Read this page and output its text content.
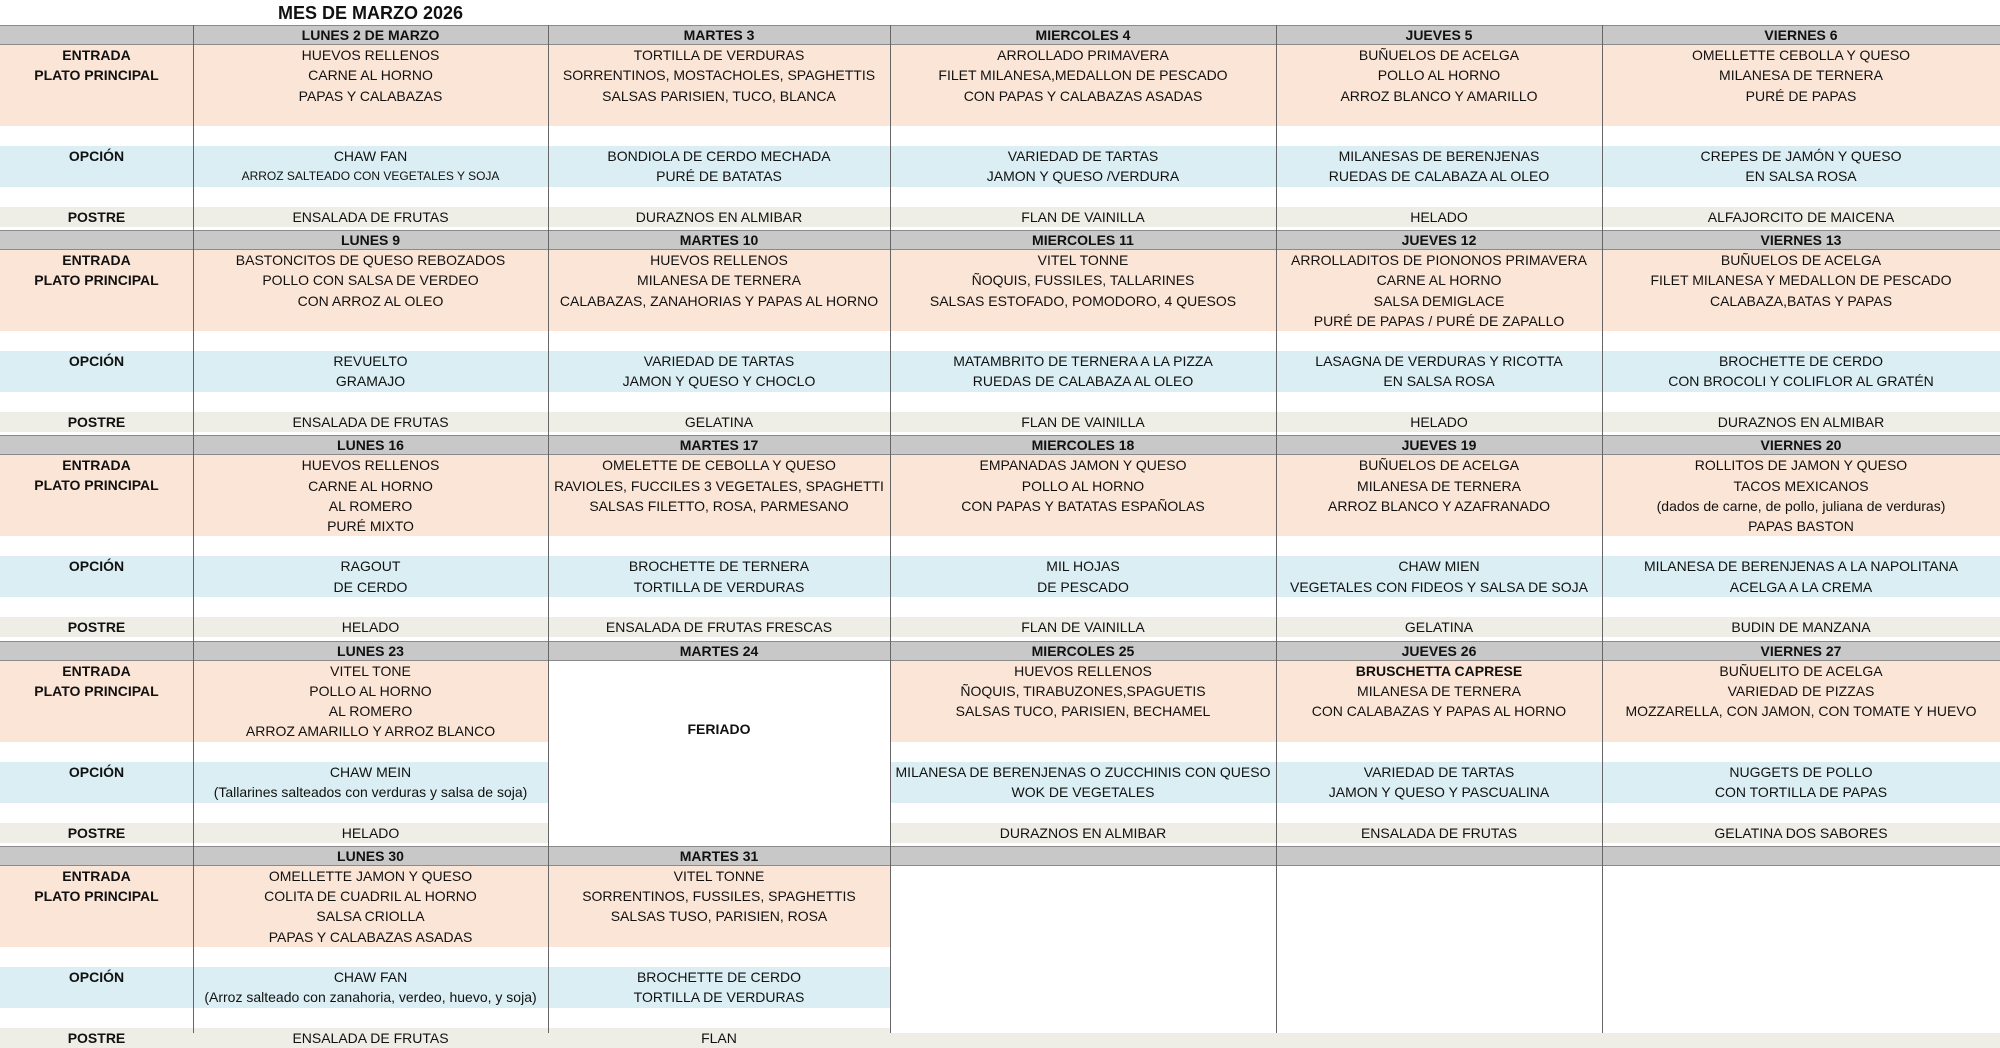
MES DE MARZO 2026
ENTRADA
PLATO PRINCIPAL
OPCIÓN
POSTRE
LUNES 2 DE MARZO
HUEVOS RELLENOS
CARNE AL HORNO
PAPAS Y CALABAZAS
CHAW FAN
ARROZ SALTEADO CON VEGETALES Y SOJA
ENSALADA DE FRUTAS
MARTES 3
TORTILLA DE VERDURAS
SORRENTINOS, MOSTACHOLES, SPAGHETTIS
SALSAS PARISIEN, TUCO, BLANCA
BONDIOLA DE CERDO MECHADA
PURÉ DE BATATAS
DURAZNOS EN ALMIBAR
MIERCOLES 4
ARROLLADO PRIMAVERA
FILET MILANESA,MEDALLON DE PESCADO
CON PAPAS Y CALABAZAS ASADAS
VARIEDAD DE TARTAS
JAMON Y QUESO /VERDURA
FLAN DE VAINILLA
JUEVES 5
BUÑUELOS DE ACELGA
POLLO AL HORNO
ARROZ BLANCO Y AMARILLO
MILANESAS DE BERENJENAS
RUEDAS DE CALABAZA AL OLEO
HELADO
VIERNES 6
OMELLETTE CEBOLLA Y QUESO
MILANESA DE TERNERA
PURÉ DE PAPAS
CREPES DE JAMÓN Y QUESO
EN SALSA ROSA
ALFAJORCITO DE MAICENA
ENTRADA
PLATO PRINCIPAL
OPCIÓN
POSTRE
LUNES 9
BASTONCITOS DE QUESO REBOZADOS
POLLO CON SALSA DE VERDEO
CON ARROZ AL OLEO
REVUELTO
GRAMAJO
ENSALADA DE FRUTAS
MARTES 10
HUEVOS RELLENOS
MILANESA DE TERNERA
CALABAZAS, ZANAHORIAS Y PAPAS AL HORNO
VARIEDAD DE TARTAS
JAMON Y QUESO Y CHOCLO
GELATINA
MIERCOLES 11
VITEL TONNE
ÑOQUIS, FUSSILES, TALLARINES
SALSAS ESTOFADO, POMODORO, 4 QUESOS
MATAMBRITO DE TERNERA A LA PIZZA
RUEDAS DE CALABAZA AL OLEO
FLAN DE VAINILLA
JUEVES 12
ARROLLADITOS DE PIONONOS PRIMAVERA
CARNE AL HORNO
SALSA DEMIGLACE
PURÉ DE PAPAS / PURÉ DE ZAPALLO
LASAGNA DE VERDURAS Y RICOTTA
EN SALSA ROSA
HELADO
VIERNES 13
BUÑUELOS DE ACELGA
FILET MILANESA Y MEDALLON DE PESCADO
CALABAZA,BATAS Y PAPAS
BROCHETTE DE CERDO
CON BROCOLI Y COLIFLOR AL GRATÉN
DURAZNOS EN ALMIBAR
ENTRADA
PLATO PRINCIPAL
OPCIÓN
POSTRE
LUNES 16
HUEVOS RELLENOS
CARNE AL HORNO
AL ROMERO
PURÉ MIXTO
RAGOUT
DE CERDO
HELADO
MARTES 17
OMELETTE DE CEBOLLA Y QUESO
RAVIOLES, FUCCILES 3 VEGETALES, SPAGHETTI
SALSAS FILETTO, ROSA, PARMESANO
BROCHETTE DE TERNERA
TORTILLA DE VERDURAS
ENSALADA DE FRUTAS FRESCAS
MIERCOLES 18
EMPANADAS JAMON Y QUESO
POLLO AL HORNO
CON PAPAS Y BATATAS ESPAÑOLAS
MIL HOJAS
DE PESCADO
FLAN DE VAINILLA
JUEVES 19
BUÑUELOS DE ACELGA
MILANESA DE TERNERA
ARROZ BLANCO Y AZAFRANADO
CHAW MIEN
VEGETALES CON FIDEOS Y SALSA DE SOJA
GELATINA
VIERNES 20
ROLLITOS DE JAMON Y QUESO
TACOS MEXICANOS
(dados de carne, de pollo, juliana de verduras)
PAPAS BASTON
MILANESA DE BERENJENAS A LA NAPOLITANA
ACELGA A LA CREMA
BUDIN DE MANZANA
ENTRADA
PLATO PRINCIPAL
OPCIÓN
POSTRE
LUNES 23
VITEL TONE
POLLO AL HORNO
AL ROMERO
ARROZ AMARILLO Y ARROZ BLANCO
CHAW MEIN
(Tallarines salteados con verduras y salsa de soja)
HELADO
MARTES 24
FERIADO
MIERCOLES 25
HUEVOS RELLENOS
ÑOQUIS, TIRABUZONES,SPAGUETIS
SALSAS TUCO, PARISIEN, BECHAMEL
MILANESA DE BERENJENAS O ZUCCHINIS CON QUESO
WOK DE VEGETALES
DURAZNOS EN ALMIBAR
JUEVES 26
BRUSCHETTA CAPRESE
MILANESA DE TERNERA
CON CALABAZAS Y PAPAS AL HORNO
VARIEDAD DE TARTAS
JAMON Y QUESO Y PASCUALINA
ENSALADA DE FRUTAS
VIERNES 27
BUÑUELITO DE ACELGA
VARIEDAD DE PIZZAS
MOZZARELLA, CON JAMON, CON TOMATE Y HUEVO
NUGGETS DE POLLO
CON TORTILLA DE PAPAS
GELATINA DOS SABORES
ENTRADA
PLATO PRINCIPAL
OPCIÓN
POSTRE
LUNES 30
OMELLETTE JAMON Y QUESO
COLITA DE CUADRIL AL HORNO
SALSA CRIOLLA
PAPAS Y CALABAZAS ASADAS
CHAW FAN
(Arroz salteado con zanahoria, verdeo, huevo, y soja)
ENSALADA DE FRUTAS
MARTES 31
VITEL TONNE
SORRENTINOS, FUSSILES, SPAGHETTIS
SALSAS TUSO, PARISIEN, ROSA
BROCHETTE DE CERDO
TORTILLA DE VERDURAS
FLAN
